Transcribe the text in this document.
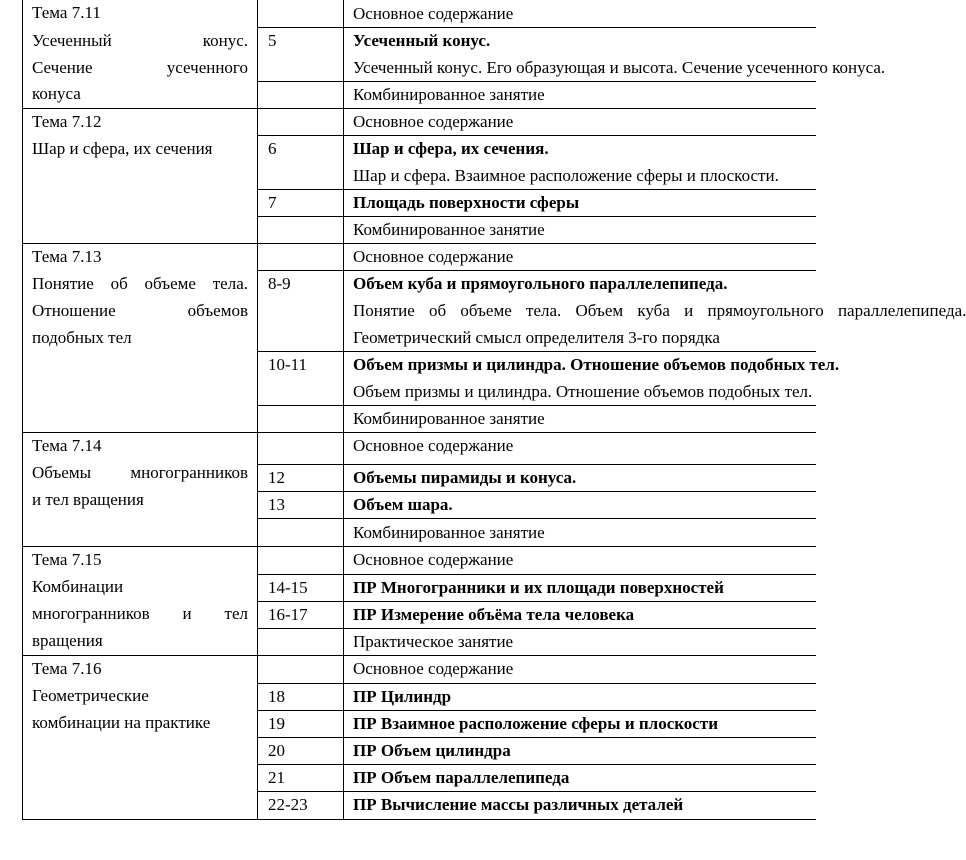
Тема 7.11
Усеченный конус.
Сечение усеченного
конуса
Тема 7.12
Шар и сфера, их сечения
Тема 7.13
Понятие об объеме тела.
Отношение объемов
подобных тел
Тема 7.14
Объемы многогранников
и тел вращения
Тема 7.15
Комбинации
многогранников и тел
вращения
Тема 7.16
Геометрические
комбинации на практике
5
6
7
8-9
10-11
12
13
14-15
16-17
18
19
20
21
22-23
Основное содержание
Усеченный конус.
Усеченный конус. Его образующая и высота. Сечение усеченного конуса.
Комбинированное занятие
Основное содержание
Шар и сфера, их сечения.
Шар и сфера. Взаимное расположение сферы и плоскости.
Площадь поверхности сферы
Комбинированное занятие
Основное содержание
Объем куба и прямоугольного параллелепипеда.
Понятие об объеме тела. Объем куба и прямоугольного параллелепипеда.
Геометрический смысл определителя 3-го порядка
Объем призмы и цилиндра. Отношение объемов подобных тел.
Объем призмы и цилиндра. Отношение объемов подобных тел.
Комбинированное занятие
Основное содержание
Объемы пирамиды и конуса.
Объем шара.
Комбинированное занятие
Основное содержание
ПР Многогранники и их площади поверхностей
ПР Измерение объёма тела человека
Практическое занятие
Основное содержание
ПР Цилиндр
ПР Взаимное расположение сферы и плоскости
ПР Объем цилиндра
ПР Объем параллелепипеда
ПР Вычисление массы различных деталей
